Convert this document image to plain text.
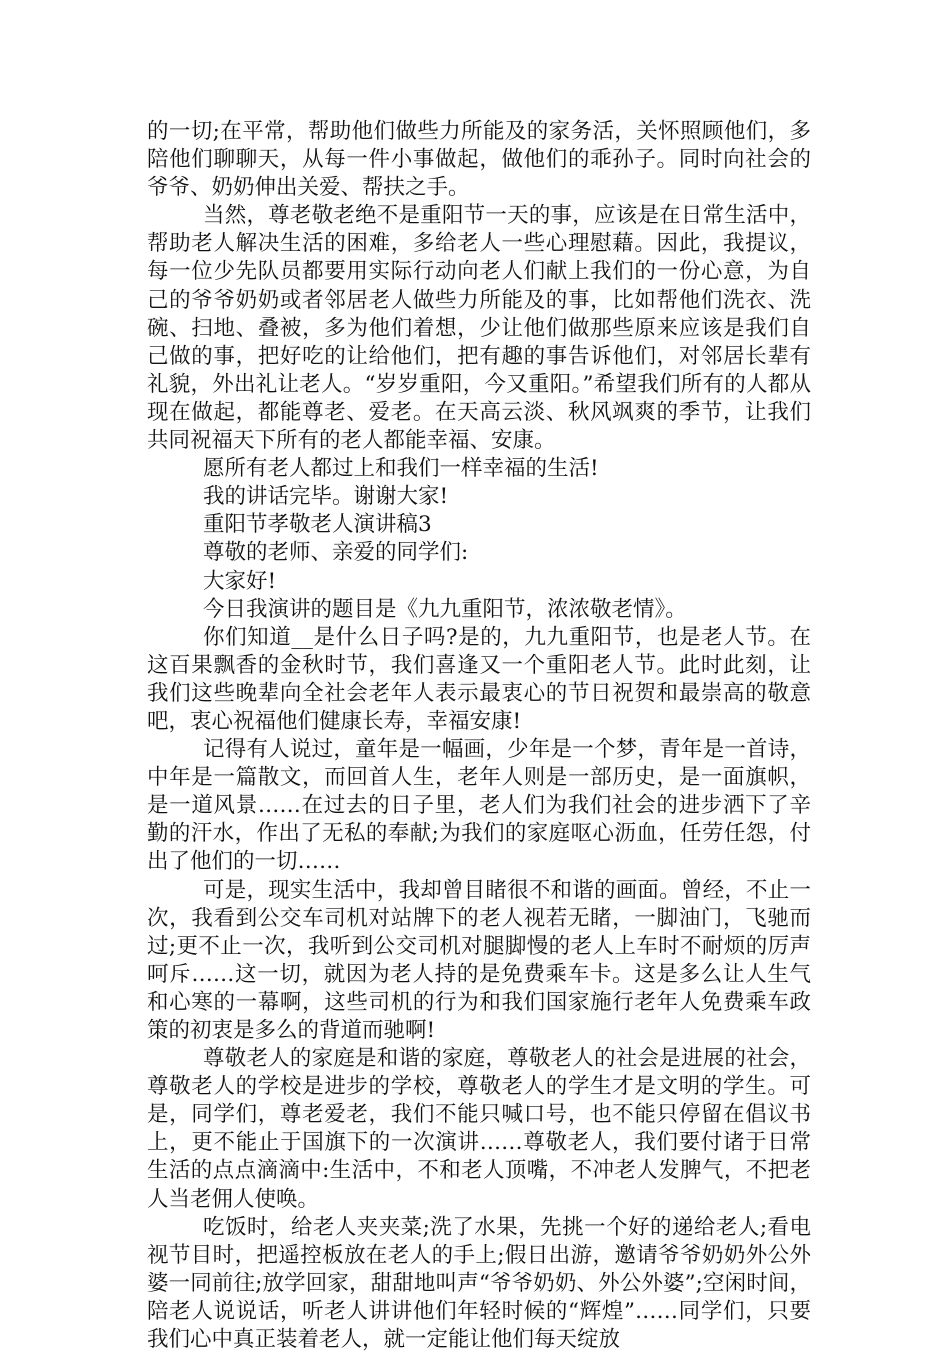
的一切;在平常，帮助他们做些力所能及的家务活，关怀照顾他们，多陪他们聊聊天，从每一件小事做起，做他们的乖孙子。同时向社会的爷爷、奶奶伸出关爱、帮扶之手。

当然，尊老敬老绝不是重阳节一天的事，应该是在日常生活中，帮助老人解决生活的困难，多给老人一些心理慰藉。因此，我提议，每一位少先队员都要用实际行动向老人们献上我们的一份心意，为自己的爷爷奶奶或者邻居老人做些力所能及的事，比如帮他们洗衣、洗碗、扫地、叠被，多为他们着想，少让他们做那些原来应该是我们自己做的事，把好吃的让给他们，把有趣的事告诉他们，对邻居长辈有礼貌，外出礼让老人。“岁岁重阳，今又重阳。”希望我们所有的人都从现在做起，都能尊老、爱老。在天高云淡、秋风飒爽的季节，让我们共同祝福天下所有的老人都能幸福、安康。

愿所有老人都过上和我们一样幸福的生活!

我的讲话完毕。谢谢大家!

重阳节孝敬老人演讲稿3

尊敬的老师、亲爱的同学们:

大家好!

今日我演讲的题目是《九九重阳节，浓浓敬老情》。

你们知道__是什么日子吗?是的，九九重阳节，也是老人节。在这百果飘香的金秋时节，我们喜逢又一个重阳老人节。此时此刻，让我们这些晚辈向全社会老年人表示最衷心的节日祝贺和最崇高的敬意吧，衷心祝福他们健康长寿，幸福安康!

记得有人说过，童年是一幅画，少年是一个梦，青年是一首诗，中年是一篇散文，而回首人生，老年人则是一部历史，是一面旗帜，是一道风景……在过去的日子里，老人们为我们社会的进步洒下了辛勤的汗水，作出了无私的奉献;为我们的家庭呕心沥血，任劳任怨，付出了他们的一切……

可是，现实生活中，我却曾目睹很不和谐的画面。曾经，不止一次，我看到公交车司机对站牌下的老人视若无睹，一脚油门，飞驰而过;更不止一次，我听到公交司机对腿脚慢的老人上车时不耐烦的厉声呵斥……这一切，就因为老人持的是免费乘车卡。这是多么让人生气和心寒的一幕啊，这些司机的行为和我们国家施行老年人免费乘车政策的初衷是多么的背道而驰啊!

尊敬老人的家庭是和谐的家庭，尊敬老人的社会是进展的社会，尊敬老人的学校是进步的学校，尊敬老人的学生才是文明的学生。可是，同学们，尊老爱老，我们不能只喊口号，也不能只停留在倡议书上，更不能止于国旗下的一次演讲……尊敬老人，我们要付诸于日常生活的点点滴滴中:生活中，不和老人顶嘴，不冲老人发脾气，不把老人当老佣人使唤。

吃饭时，给老人夹夹菜;洗了水果，先挑一个好的递给老人;看电视节目时，把遥控板放在老人的手上;假日出游，邀请爷爷奶奶外公外婆一同前往;放学回家，甜甜地叫声“爷爷奶奶、外公外婆”;空闲时间，陪老人说说话，听老人讲讲他们年轻时候的“辉煌”……同学们，只要我们心中真正装着老人，就一定能让他们每天绽放
